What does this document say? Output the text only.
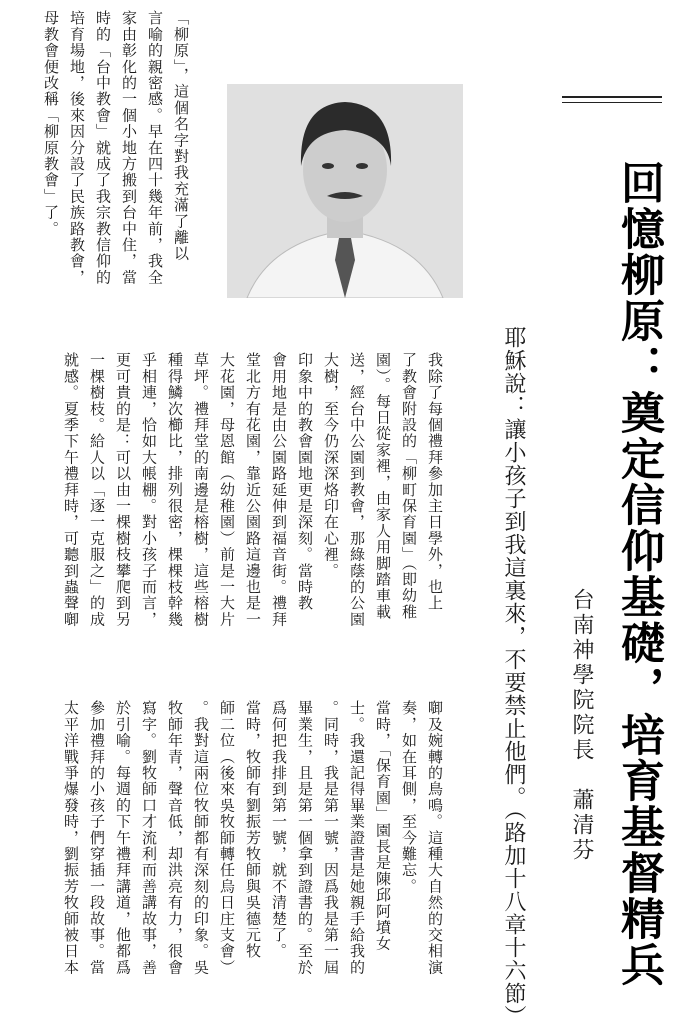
回憶柳原：奠定信仰基礎，培育基督精兵
耶穌說：讓小孩子到我這裏來，不要禁止他們。（路加十八章十六節） 台南神學院院長　蕭清芬
「柳原」，這個名字對我充滿了離以
言喻的親密感。早在四十幾年前，我全
家由彰化的一個小地方搬到台中住，當
時的「台中教會」就成了我宗教信仰的
培育場地，後來因分設了民族路教會，
母教會便改稱「柳原教會」了。
我除了每個禮拜參加主日學外，也上
了教會附設的「柳町保育園」（即幼稚
園）。每日從家裡，由家人用脚踏車載
送，經台中公園到教會，那綠蔭的公園
大樹，至今仍深深烙印在心裡。
印象中的教會園地更是深刻。當時教
會用地是由公園路延伸到福音街。禮拜
堂北方有花園，靠近公園路這邊也是一
大花園，母恩館（幼稚園）前是一大片
草坪。禮拜堂的南邊是榕樹，這些榕樹
種得鱗次櫛比，排列很密，棵棵枝幹幾
乎相連，恰如大帳棚。對小孩子而言，
更可貴的是：可以由一棵樹枝攀爬到另
一棵樹枝。給人以「逐一克服之」的成
就感。夏季下午禮拜時，可聽到蟲聲啣
啣及婉轉的鳥鳴。這種大自然的交相演
奏，如在耳側，至今難忘。
當時，「保育園」園長是陳邱阿墳女
士。我還記得畢業證書是她親手給我的
。同時，我是第一號，因爲我是第一屆
畢業生，且是第一個拿到證書的。至於
爲何把我排到第一號，就不清楚了。
當時，牧師有劉振芳牧師與吳德元牧
師二位（後來吳牧師轉任烏日庄支會）
。我對這兩位牧師都有深刻的印象。吳
牧師年青，聲音低，却洪亮有力，很會
寫字。劉牧師口才流利而善講故事，善
於引喻。每週的下午禮拜講道，他都爲
參加禮拜的小孩子們穿插一段故事。當
太平洋戰爭爆發時，劉振芳牧師被日本
